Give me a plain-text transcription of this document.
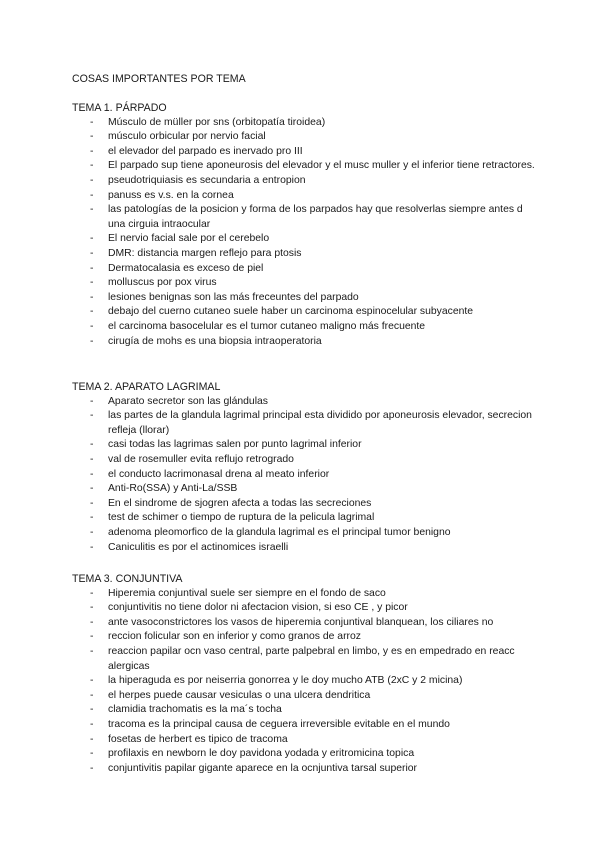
COSAS IMPORTANTES POR TEMA
TEMA 1. PÁRPADO
- Músculo de müller por sns (orbitopatía tiroidea)
- músculo orbicular por nervio facial
- el elevador del parpado es inervado pro III
- El parpado sup tiene aponeurosis del elevador y el musc muller y el inferior tiene retractores.
- pseudotriquiasis es secundaria a entropion
- panuss es v.s. en la cornea
- las patologías de la posicion y forma de los parpados hay que resolverlas siempre antes d una cirguia intraocular
- El nervio facial sale por el cerebelo
- DMR: distancia margen reflejo para ptosis
- Dermatocalasia es exceso de piel
- molluscus por pox virus
- lesiones benignas son las más freceuntes del parpado
- debajo del cuerno cutaneo suele haber un carcinoma espinocelular subyacente
- el carcinoma basocelular es el tumor cutaneo maligno más frecuente
- cirugía de mohs es una biopsia intraoperatoria
TEMA 2. APARATO LAGRIMAL
- Aparato secretor son las glándulas
- las partes de la glandula lagrimal principal esta dividido por aponeurosis elevador, secrecion refleja (llorar)
- casi todas las lagrimas salen por punto lagrimal inferior
- val de rosemuller evita reflujo retrogrado
- el conducto lacrimonasal drena al meato inferior
- Anti-Ro(SSA) y Anti-La/SSB
- En el sindrome de sjogren afecta a todas las secreciones
- test de schimer o tiempo de ruptura de la pelicula lagrimal
- adenoma pleomorfico de la glandula lagrimal es el principal tumor benigno
- Caniculitis es por el actinomices israelli
TEMA 3. CONJUNTIVA
- Hiperemia conjuntival suele ser siempre en el fondo de saco
- conjuntivitis no tiene dolor ni afectacion vision, si eso CE , y picor
- ante vasoconstrictores los vasos de hiperemia conjuntival blanquean, los ciliares no
- reccion folicular son en inferior y como granos de arroz
- reaccion papilar ocn vaso central, parte palpebral en limbo, y es en empedrado en reacc alergicas
- la hiperaguda es por neiserria gonorrea y le doy mucho ATB (2xC y 2 micina)
- el herpes puede causar vesiculas o una ulcera dendritica
- clamidia trachomatis es la ma´s tocha
- tracoma es la principal causa de ceguera irreversible evitable en el mundo
- fosetas de herbert es tipico de tracoma
- profilaxis en newborn le doy pavidona yodada y eritromicina topica
- conjuntivitis papilar gigante aparece en la ocnjuntiva tarsal superior
